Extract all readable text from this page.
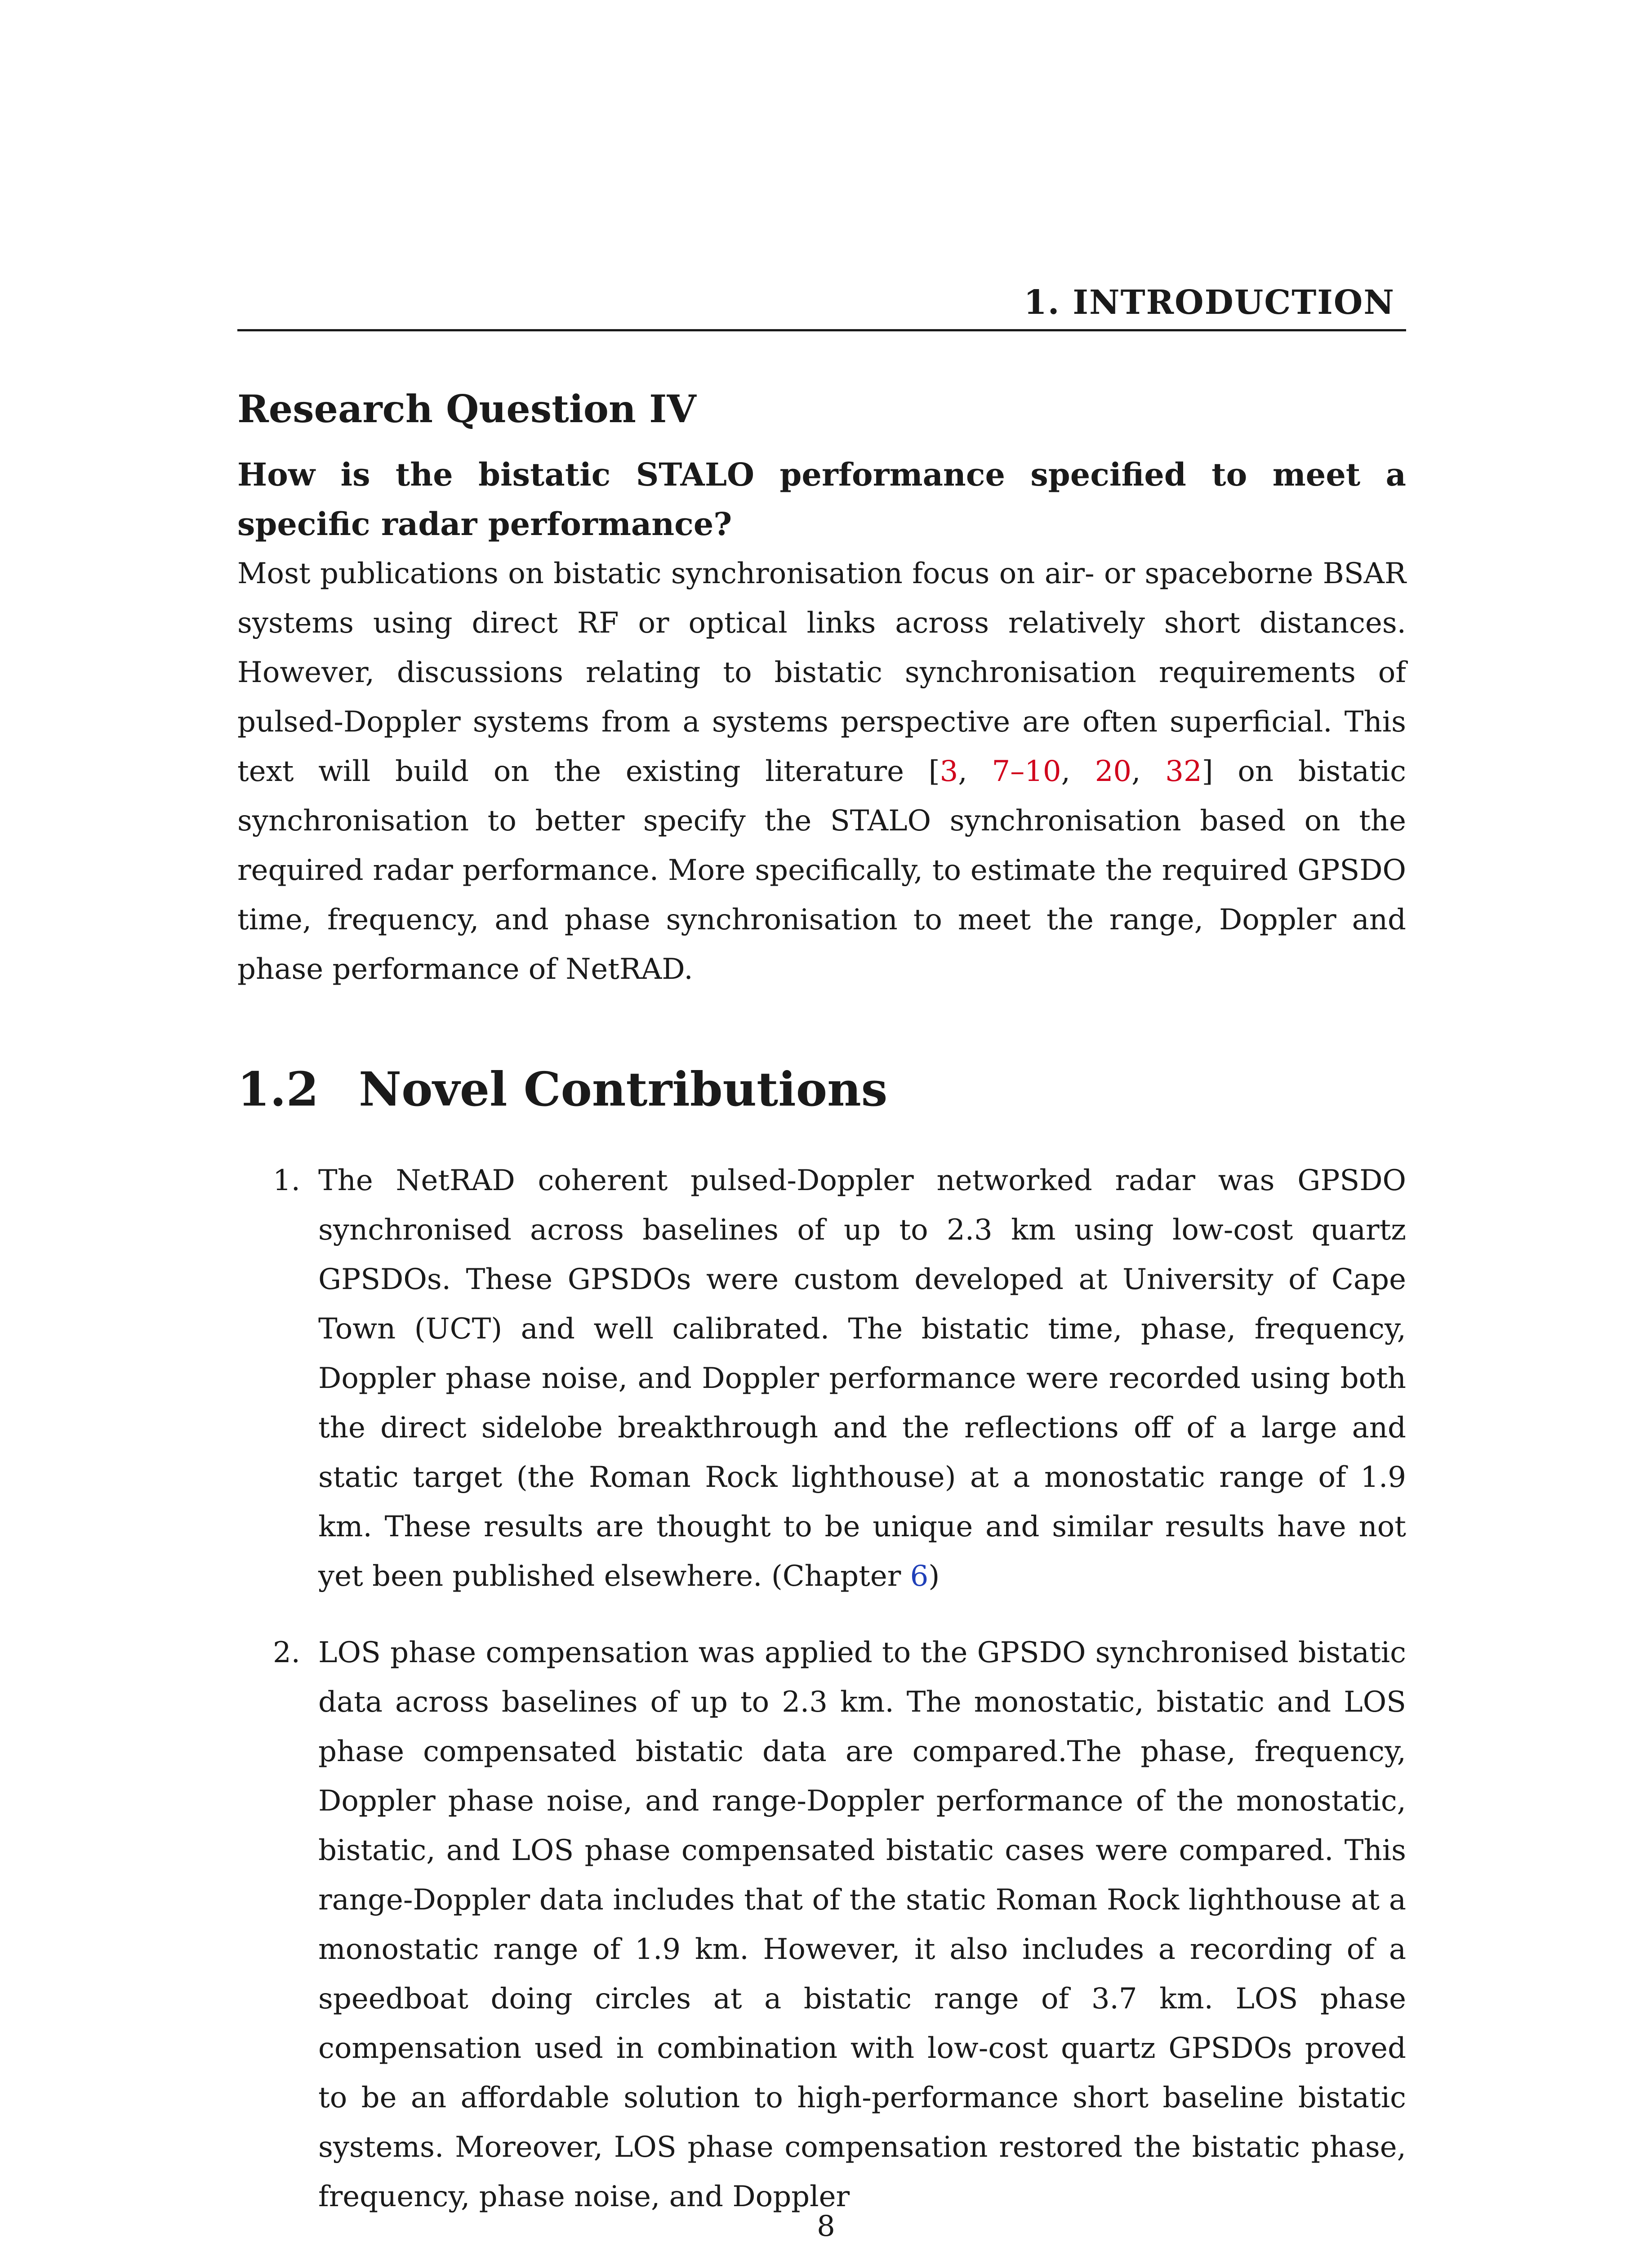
1. INTRODUCTION
Research Question IV

How is the bistatic STALO performance specified to meet a specific radar performance?

Most publications on bistatic synchronisation focus on air- or spaceborne BSAR systems using direct RF or optical links across relatively short distances. However, discussions relating to bistatic synchronisation requirements of pulsed-Doppler systems from a systems perspective are often superficial. This text will build on the existing literature [3, 7–10, 20, 32] on bistatic synchronisation to better specify the STALO synchronisation based on the required radar performance. More specifically, to estimate the required GPSDO time, frequency, and phase synchronisation to meet the range, Doppler and phase performance of NetRAD.

1.2 Novel Contributions
1. The NetRAD coherent pulsed-Doppler networked radar was GPSDO synchronised across baselines of up to 2.3 km using low-cost quartz GPSDOs. These GPSDOs were custom developed at University of Cape Town (UCT) and well calibrated. The bistatic time, phase, frequency, Doppler phase noise, and Doppler performance were recorded using both the direct sidelobe breakthrough and the reflections off of a large and static target (the Roman Rock lighthouse) at a monostatic range of 1.9 km. These results are thought to be unique and similar results have not yet been published elsewhere. (Chapter 6)
2. LOS phase compensation was applied to the GPSDO synchronised bistatic data across baselines of up to 2.3 km. The monostatic, bistatic and LOS phase compensated bistatic data are compared.The phase, frequency, Doppler phase noise, and range-Doppler performance of the monostatic, bistatic, and LOS phase compensated bistatic cases were compared. This range-Doppler data includes that of the static Roman Rock lighthouse at a monostatic range of 1.9 km. However, it also includes a recording of a speedboat doing circles at a bistatic range of 3.7 km. LOS phase compensation used in combination with low-cost quartz GPSDOs proved to be an affordable solution to high-performance short baseline bistatic systems. Moreover, LOS phase compensation restored the bistatic phase, frequency, phase noise, and Doppler
8
